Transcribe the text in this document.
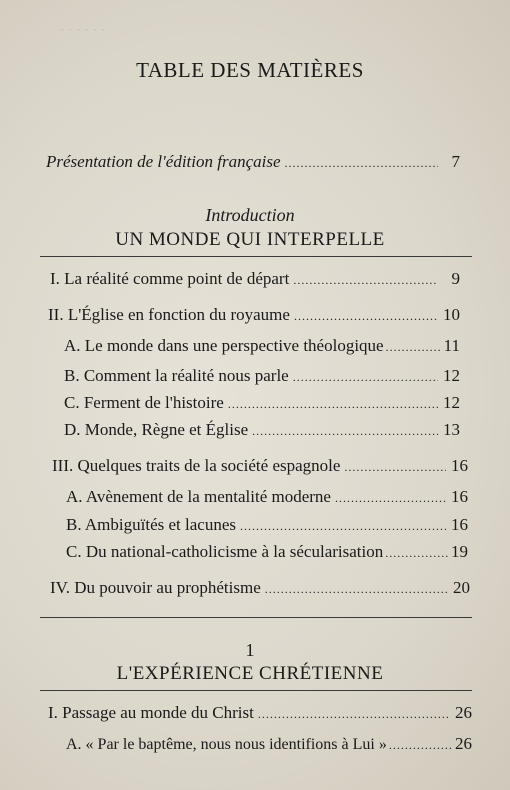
· · · · · ·
TABLE DES MATIÈRES
Présentation de l'édition française .....	7
Introduction
UN MONDE QUI INTERPELLE
I. La réalité comme point de départ .....	9
II. L'Église en fonction du royaume .....	10
A. Le monde dans une perspective théologique .....	11
B. Comment la réalité nous parle .....	12
C. Ferment de l'histoire .....	12
D. Monde, Règne et Église .....	13
III. Quelques traits de la société espagnole .....	16
A. Avènement de la mentalité moderne .....	16
B. Ambiguïtés et lacunes .....	16
C. Du national-catholicisme à la sécularisation .....	19
IV. Du pouvoir au prophétisme .....	20
1
L'EXPÉRIENCE CHRÉTIENNE
I. Passage au monde du Christ .....	26
A. « Par le baptême, nous nous identifions à Lui » .....	26
